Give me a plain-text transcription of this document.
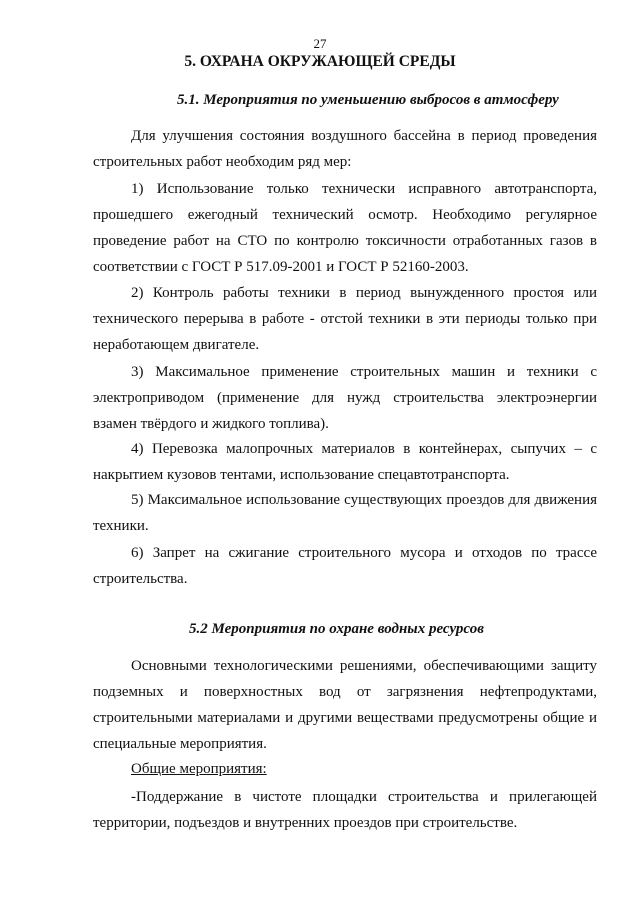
27
5. ОХРАНА ОКРУЖАЮЩЕЙ СРЕДЫ
5.1. Мероприятия по уменьшению выбросов в атмосферу

Для улучшения состояния воздушного бассейна в период проведения строительных работ необходим ряд мер:

1) Использование только технически исправного автотранспорта, прошедшего ежегодный технический осмотр. Необходимо регулярное проведение работ на СТО по контролю токсичности отработанных газов в соответствии с ГОСТ Р 517.09-2001 и ГОСТ Р 52160-2003.

2) Контроль работы техники в период вынужденного простоя или технического перерыва в работе - отстой техники в эти периоды только при неработающем двигателе.

3) Максимальное применение строительных машин и техники с электроприводом (применение для нужд строительства электроэнергии взамен твёрдого и жидкого топлива).

4) Перевозка малопрочных материалов в контейнерах, сыпучих – с накрытием кузовов тентами, использование спецавтотранспорта.

5) Максимальное использование существующих проездов для движения техники.

6) Запрет на сжигание строительного мусора и отходов по трассе строительства.

5.2 Мероприятия по охране водных ресурсов

Основными технологическими решениями, обеспечивающими защиту подземных и поверхностных вод от загрязнения нефтепродуктами, строительными материалами и другими веществами предусмотрены общие и специальные мероприятия.

Общие мероприятия:

-Поддержание в чистоте площадки строительства и прилегающей территории, подъездов и внутренних проездов при строительстве.
